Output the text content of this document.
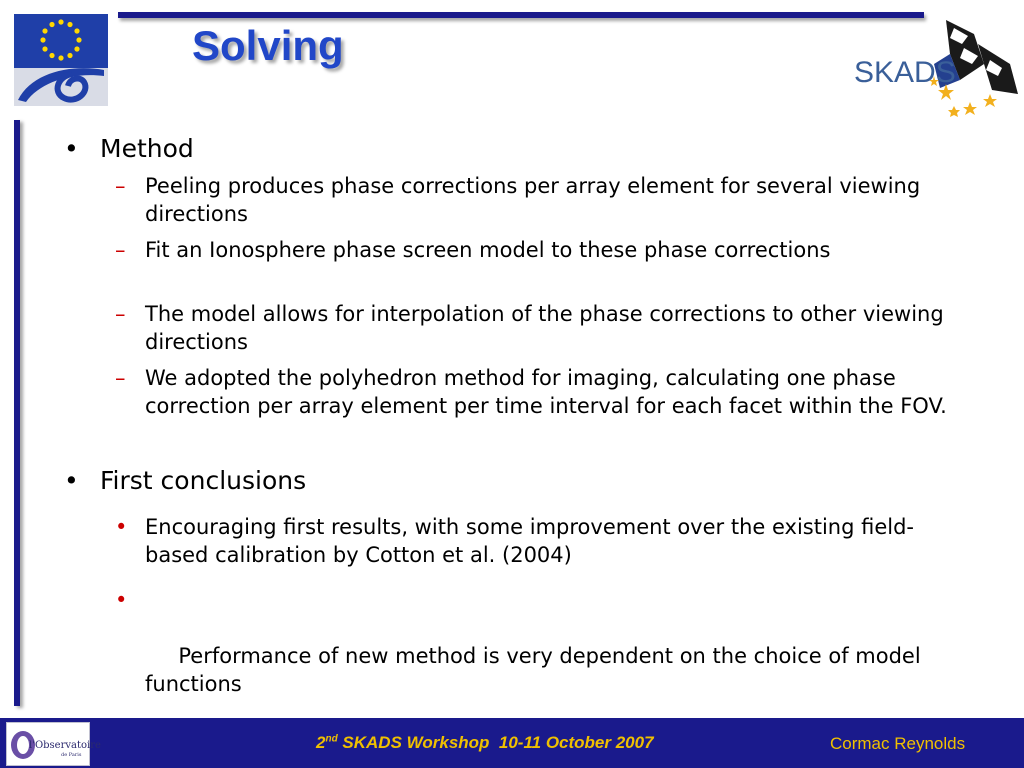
SKADS
Solving
• Method
– Peeling produces phase corrections per array element for several viewing directions
– Fit an Ionosphere phase screen model to these phase corrections
– The model allows for interpolation of the phase corrections to other viewing directions
– We adopted the polyhedron method for imaging, calculating one phase correction per array element per time interval for each facet within the FOV.
• First conclusions
• Encouraging first results, with some improvement over the existing field-based calibration by Cotton et al. (2004)

•

Performance of new method is very dependent on the choice of model functions

l'Observatoire
de Paris
2nd SKADS Workshop  10-11 October 2007	Cormac Reynolds
